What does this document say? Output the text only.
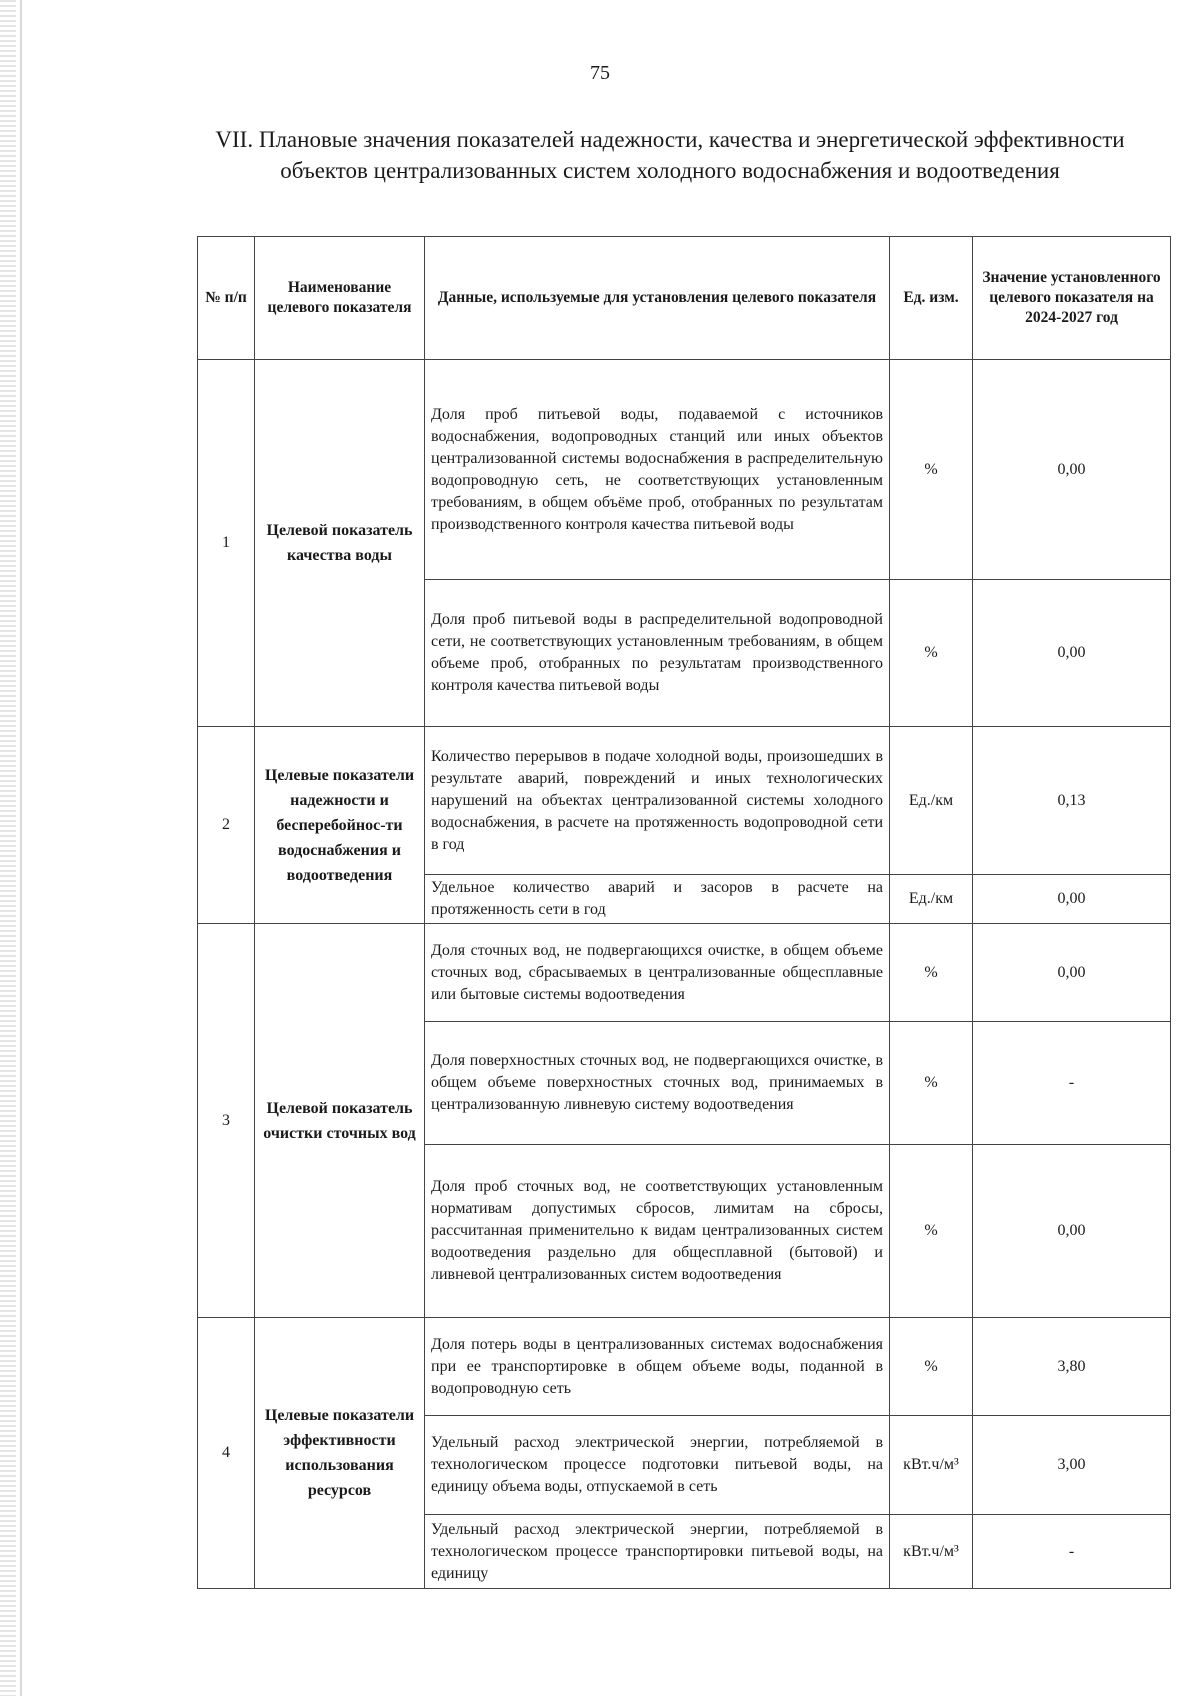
75
VII. Плановые значения показателей надежности, качества и энергетической эффективности объектов централизованных систем холодного водоснабжения и водоотведения
№ п/п	Наименование целевого показателя	Данные, используемые для установления целевого показателя	Ед. изм.	Значение установленного целевого показателя на 2024-2027 год
1	Целевой показатель качества воды	Доля проб питьевой воды, подаваемой с источников водоснабжения, водопроводных станций или иных объектов централизованной системы водоснабжения в распределительную водопроводную сеть, не соответствующих установленным требованиям, в общем объёме проб, отобранных по результатам производственного контроля качества питьевой воды	%	0,00
		Доля проб питьевой воды в распределительной водопроводной сети, не соответствующих установленным требованиям, в общем объеме проб, отобранных по результатам производственного контроля качества питьевой воды	%	0,00
2	Целевые показатели надежности и бесперебойнос-ти водоснабжения и водоотведения	Количество перерывов в подаче холодной воды, произошедших в результате аварий, повреждений и иных технологических нарушений на объектах централизованной системы холодного водоснабжения, в расчете на протяженность водопроводной сети в год	Ед./км	0,13
		Удельное количество аварий и засоров в расчете на протяженность сети в год	Ед./км	0,00
3	Целевой показатель очистки сточных вод	Доля сточных вод, не подвергающихся очистке, в общем объеме сточных вод, сбрасываемых в централизованные общесплавные или бытовые системы водоотведения	%	0,00
		Доля поверхностных сточных вод, не подвергающихся очистке, в общем объеме поверхностных сточных вод, принимаемых в централизованную ливневую систему водоотведения	%	-
		Доля проб сточных вод, не соответствующих установленным нормативам допустимых сбросов, лимитам на сбросы, рассчитанная применительно к видам централизованных систем водоотведения раздельно для общесплавной (бытовой) и ливневой централизованных систем водоотведения	%	0,00
4	Целевые показатели эффективности использования ресурсов	Доля потерь воды в централизованных системах водоснабжения при ее транспортировке в общем объеме воды, поданной в водопроводную сеть	%	3,80
		Удельный расход электрической энергии, потребляемой в технологическом процессе подготовки питьевой воды, на единицу объема воды, отпускаемой в сеть	кВт.ч/м³	3,00
		Удельный расход электрической энергии, потребляемой в технологическом процессе транспортировки питьевой воды, на единицу	кВт.ч/м³	-
